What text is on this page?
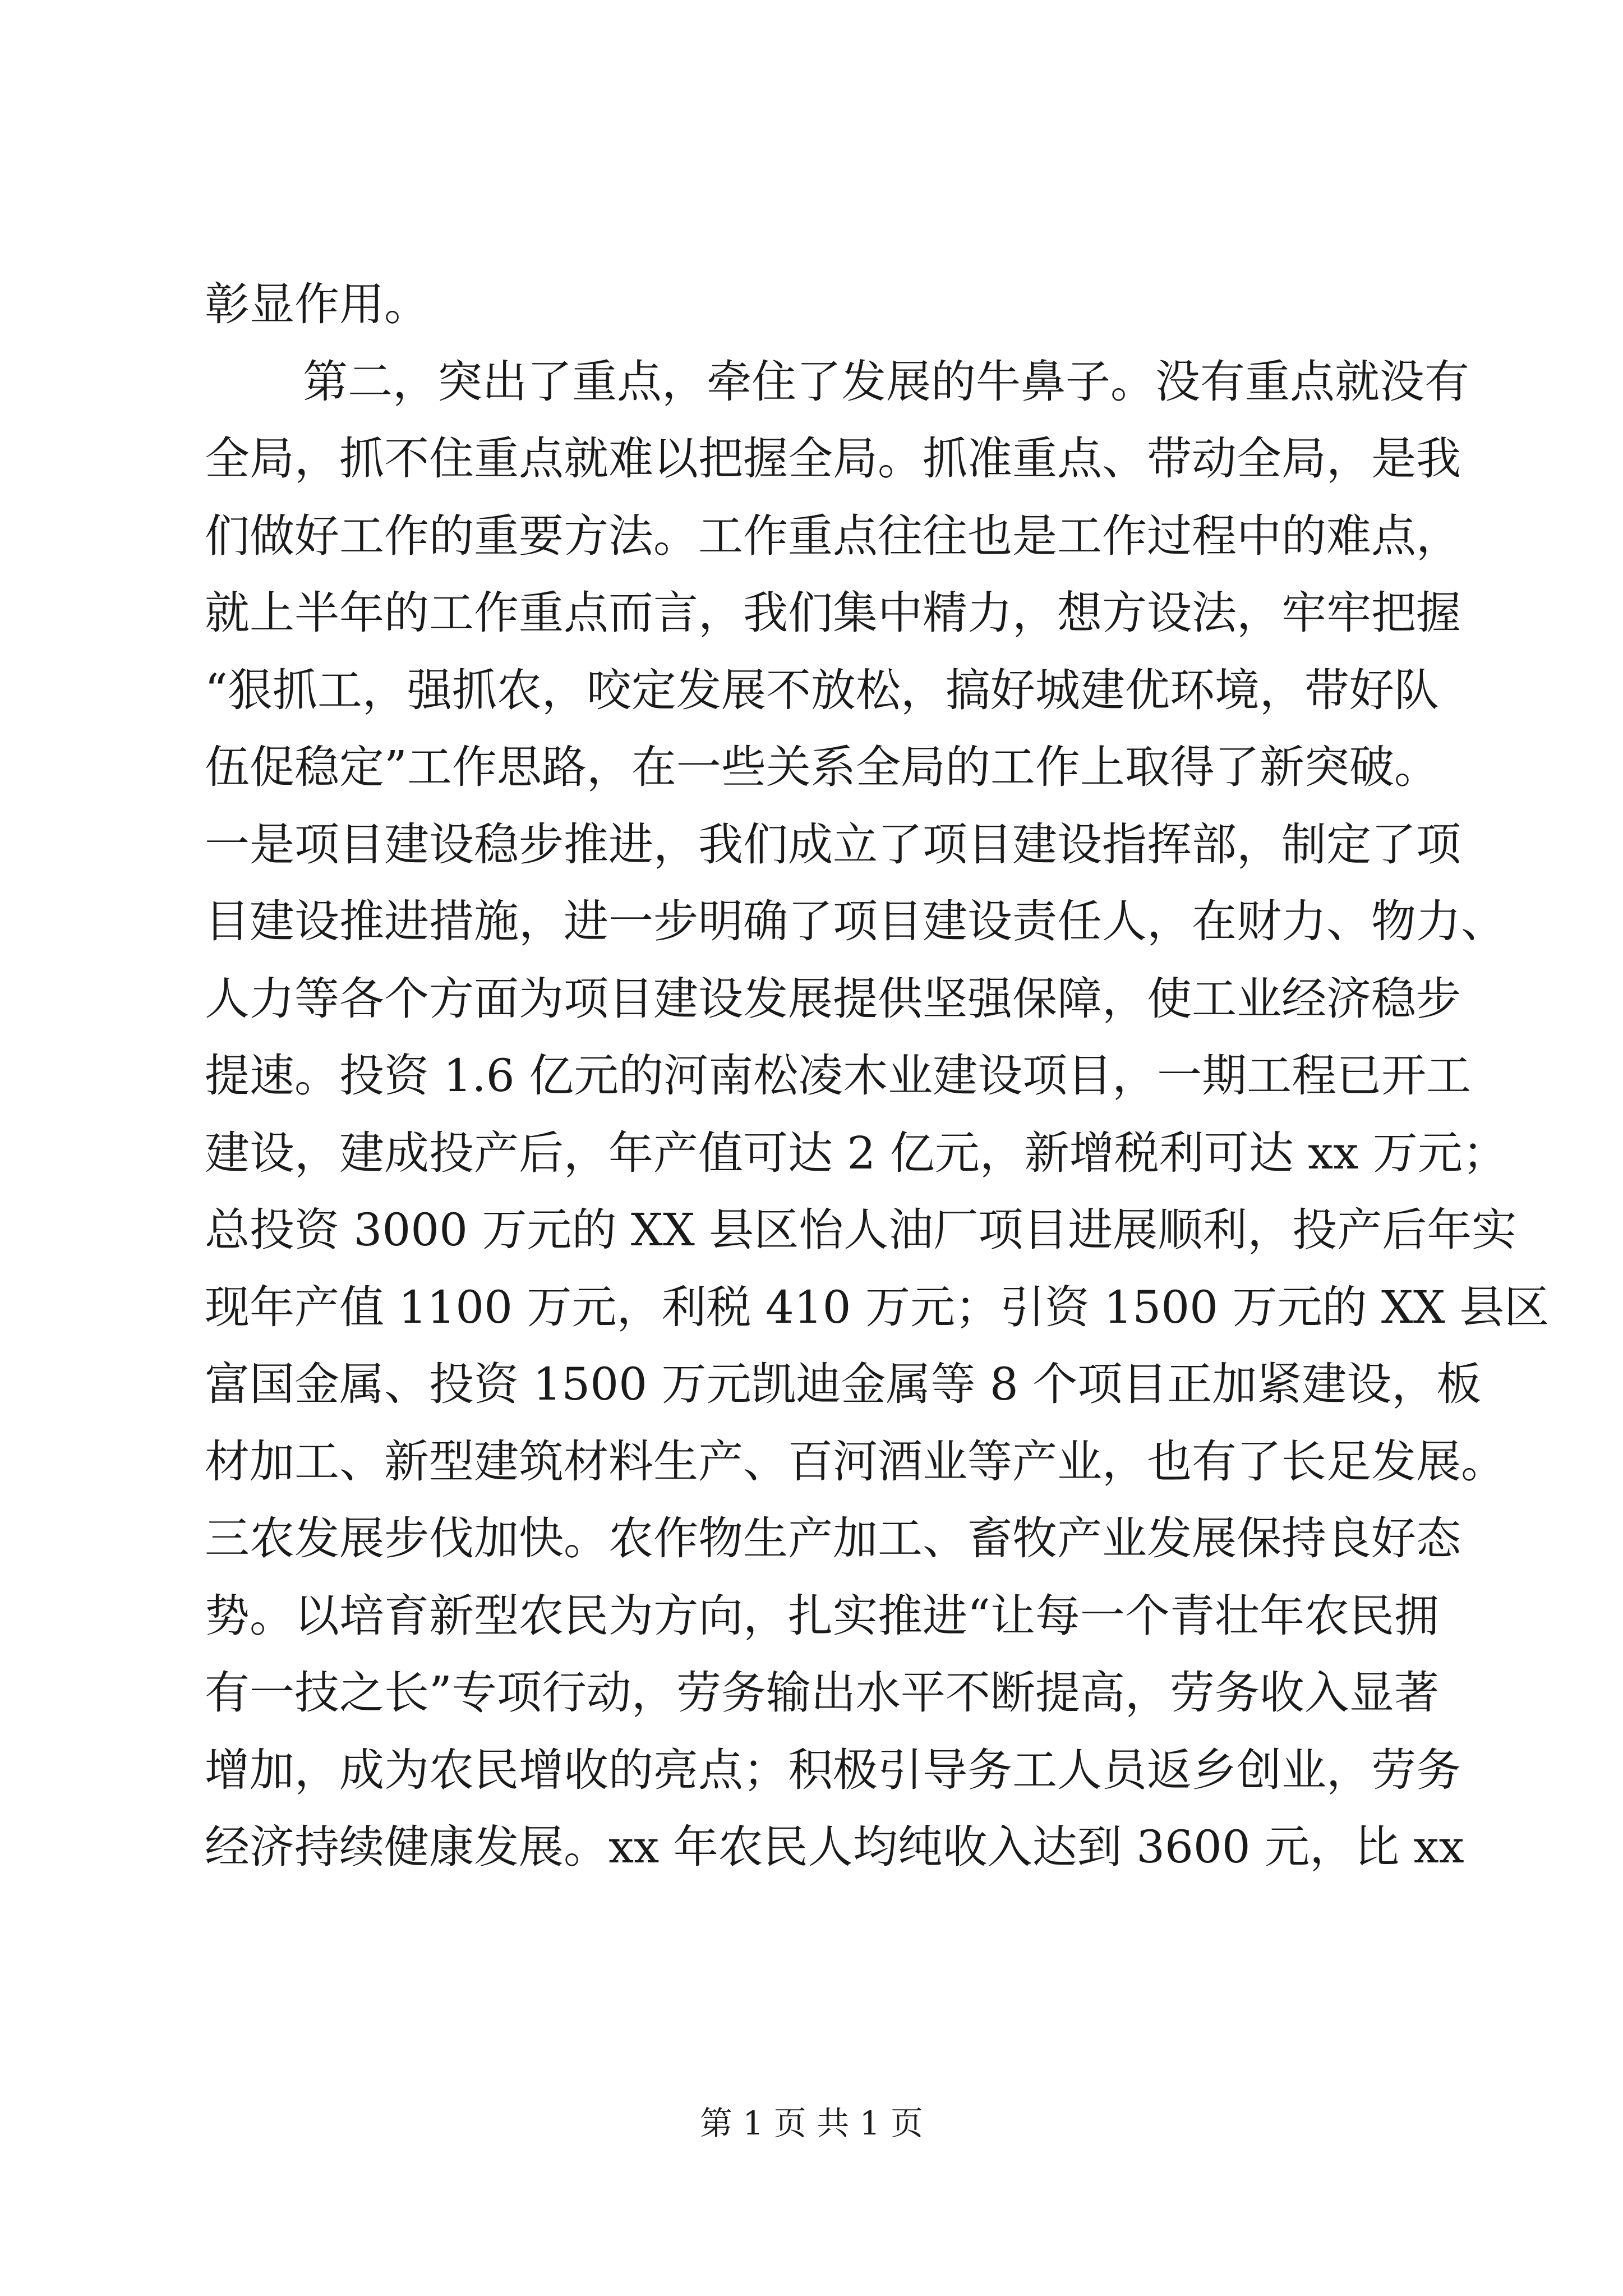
彰显作用。
第二，突出了重点，牵住了发展的牛鼻子。没有重点就没有
全局，抓不住重点就难以把握全局。抓准重点、带动全局，是我
们做好工作的重要方法。工作重点往往也是工作过程中的难点，
就上半年的工作重点而言，我们集中精力，想方设法，牢牢把握
“狠抓工，强抓农，咬定发展不放松，搞好城建优环境，带好队
伍促稳定”工作思路，在一些关系全局的工作上取得了新突破。
一是项目建设稳步推进，我们成立了项目建设指挥部，制定了项
目建设推进措施，进一步明确了项目建设责任人，在财力、物力、
人力等各个方面为项目建设发展提供坚强保障，使工业经济稳步
提速。投资 1.6 亿元的河南松凌木业建设项目，一期工程已开工
建设，建成投产后，年产值可达 2 亿元，新增税利可达 xx 万元；
总投资 3000 万元的 XX 县区怡人油厂项目进展顺利，投产后年实
现年产值 1100 万元，利税 410 万元；引资 1500 万元的 XX 县区
富国金属、投资 1500 万元凯迪金属等 8 个项目正加紧建设，板
材加工、新型建筑材料生产、百河酒业等产业，也有了长足发展。
三农发展步伐加快。农作物生产加工、畜牧产业发展保持良好态
势。以培育新型农民为方向，扎实推进“让每一个青壮年农民拥
有一技之长”专项行动，劳务输出水平不断提高，劳务收入显著
增加，成为农民增收的亮点；积极引导务工人员返乡创业，劳务
经济持续健康发展。xx 年农民人均纯收入达到 3600 元，比 xx
第 1 页 共 1 页
